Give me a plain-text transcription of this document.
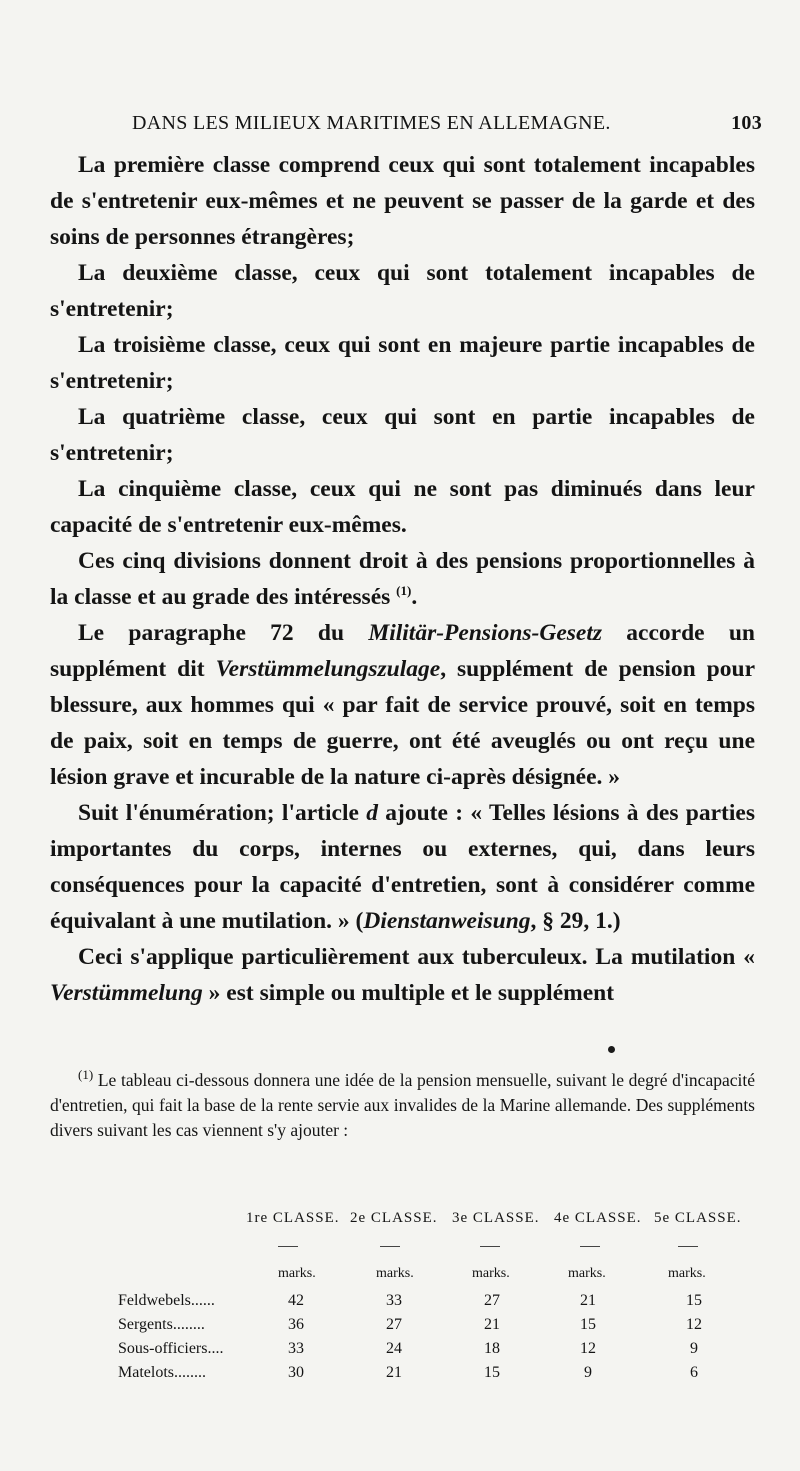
DANS LES MILIEUX MARITIMES EN ALLEMAGNE.	103

La première classe comprend ceux qui sont totalement incapables de s'entretenir eux-mêmes et ne peuvent se passer de la garde et des soins de personnes étrangères;

La deuxième classe, ceux qui sont totalement incapables de s'entretenir;

La troisième classe, ceux qui sont en majeure partie incapables de s'entretenir;

La quatrième classe, ceux qui sont en partie incapables de s'entretenir;

La cinquième classe, ceux qui ne sont pas diminués dans leur capacité de s'entretenir eux-mêmes.

Ces cinq divisions donnent droit à des pensions proportionnelles à la classe et au grade des intéressés $^{(1)}$.

Le paragraphe 72 du Militär-Pensions-Gesetz accorde un supplément dit Verstümmelungszulage, supplément de pension pour blessure, aux hommes qui « par fait de service prouvé, soit en temps de paix, soit en temps de guerre, ont été aveuglés ou ont reçu une lésion grave et incurable de la nature ci-après désignée. »

Suit l'énumération; l'article d ajoute : « Telles lésions à des parties importantes du corps, internes ou externes, qui, dans leurs conséquences pour la capacité d'entretien, sont à considérer comme équivalant à une mutilation. » (Dienstanweisung, § 29, 1.)

Ceci s'applique particulièrement aux tuberculeux. La mutilation « Verstümmelung » est simple ou multiple et le supplément

$^{(1)}$ Le tableau ci-dessous donnera une idée de la pension mensuelle, suivant le degré d'incapacité d'entretien, qui fait la base de la rente servie aux invalides de la Marine allemande. Des suppléments divers suivant les cas viennent s'y ajouter :

1re CLASSE. 2e CLASSE. 3e CLASSE. 4e CLASSE. 5e CLASSE.
marks.	marks.	marks.	marks.	marks.
Feldwebels......	42	33	27	21	15
Sergents........	36	27	21	15	12
Sous-officiers....	33	24	18	12	9
Matelots........	30	21	15	9	6
